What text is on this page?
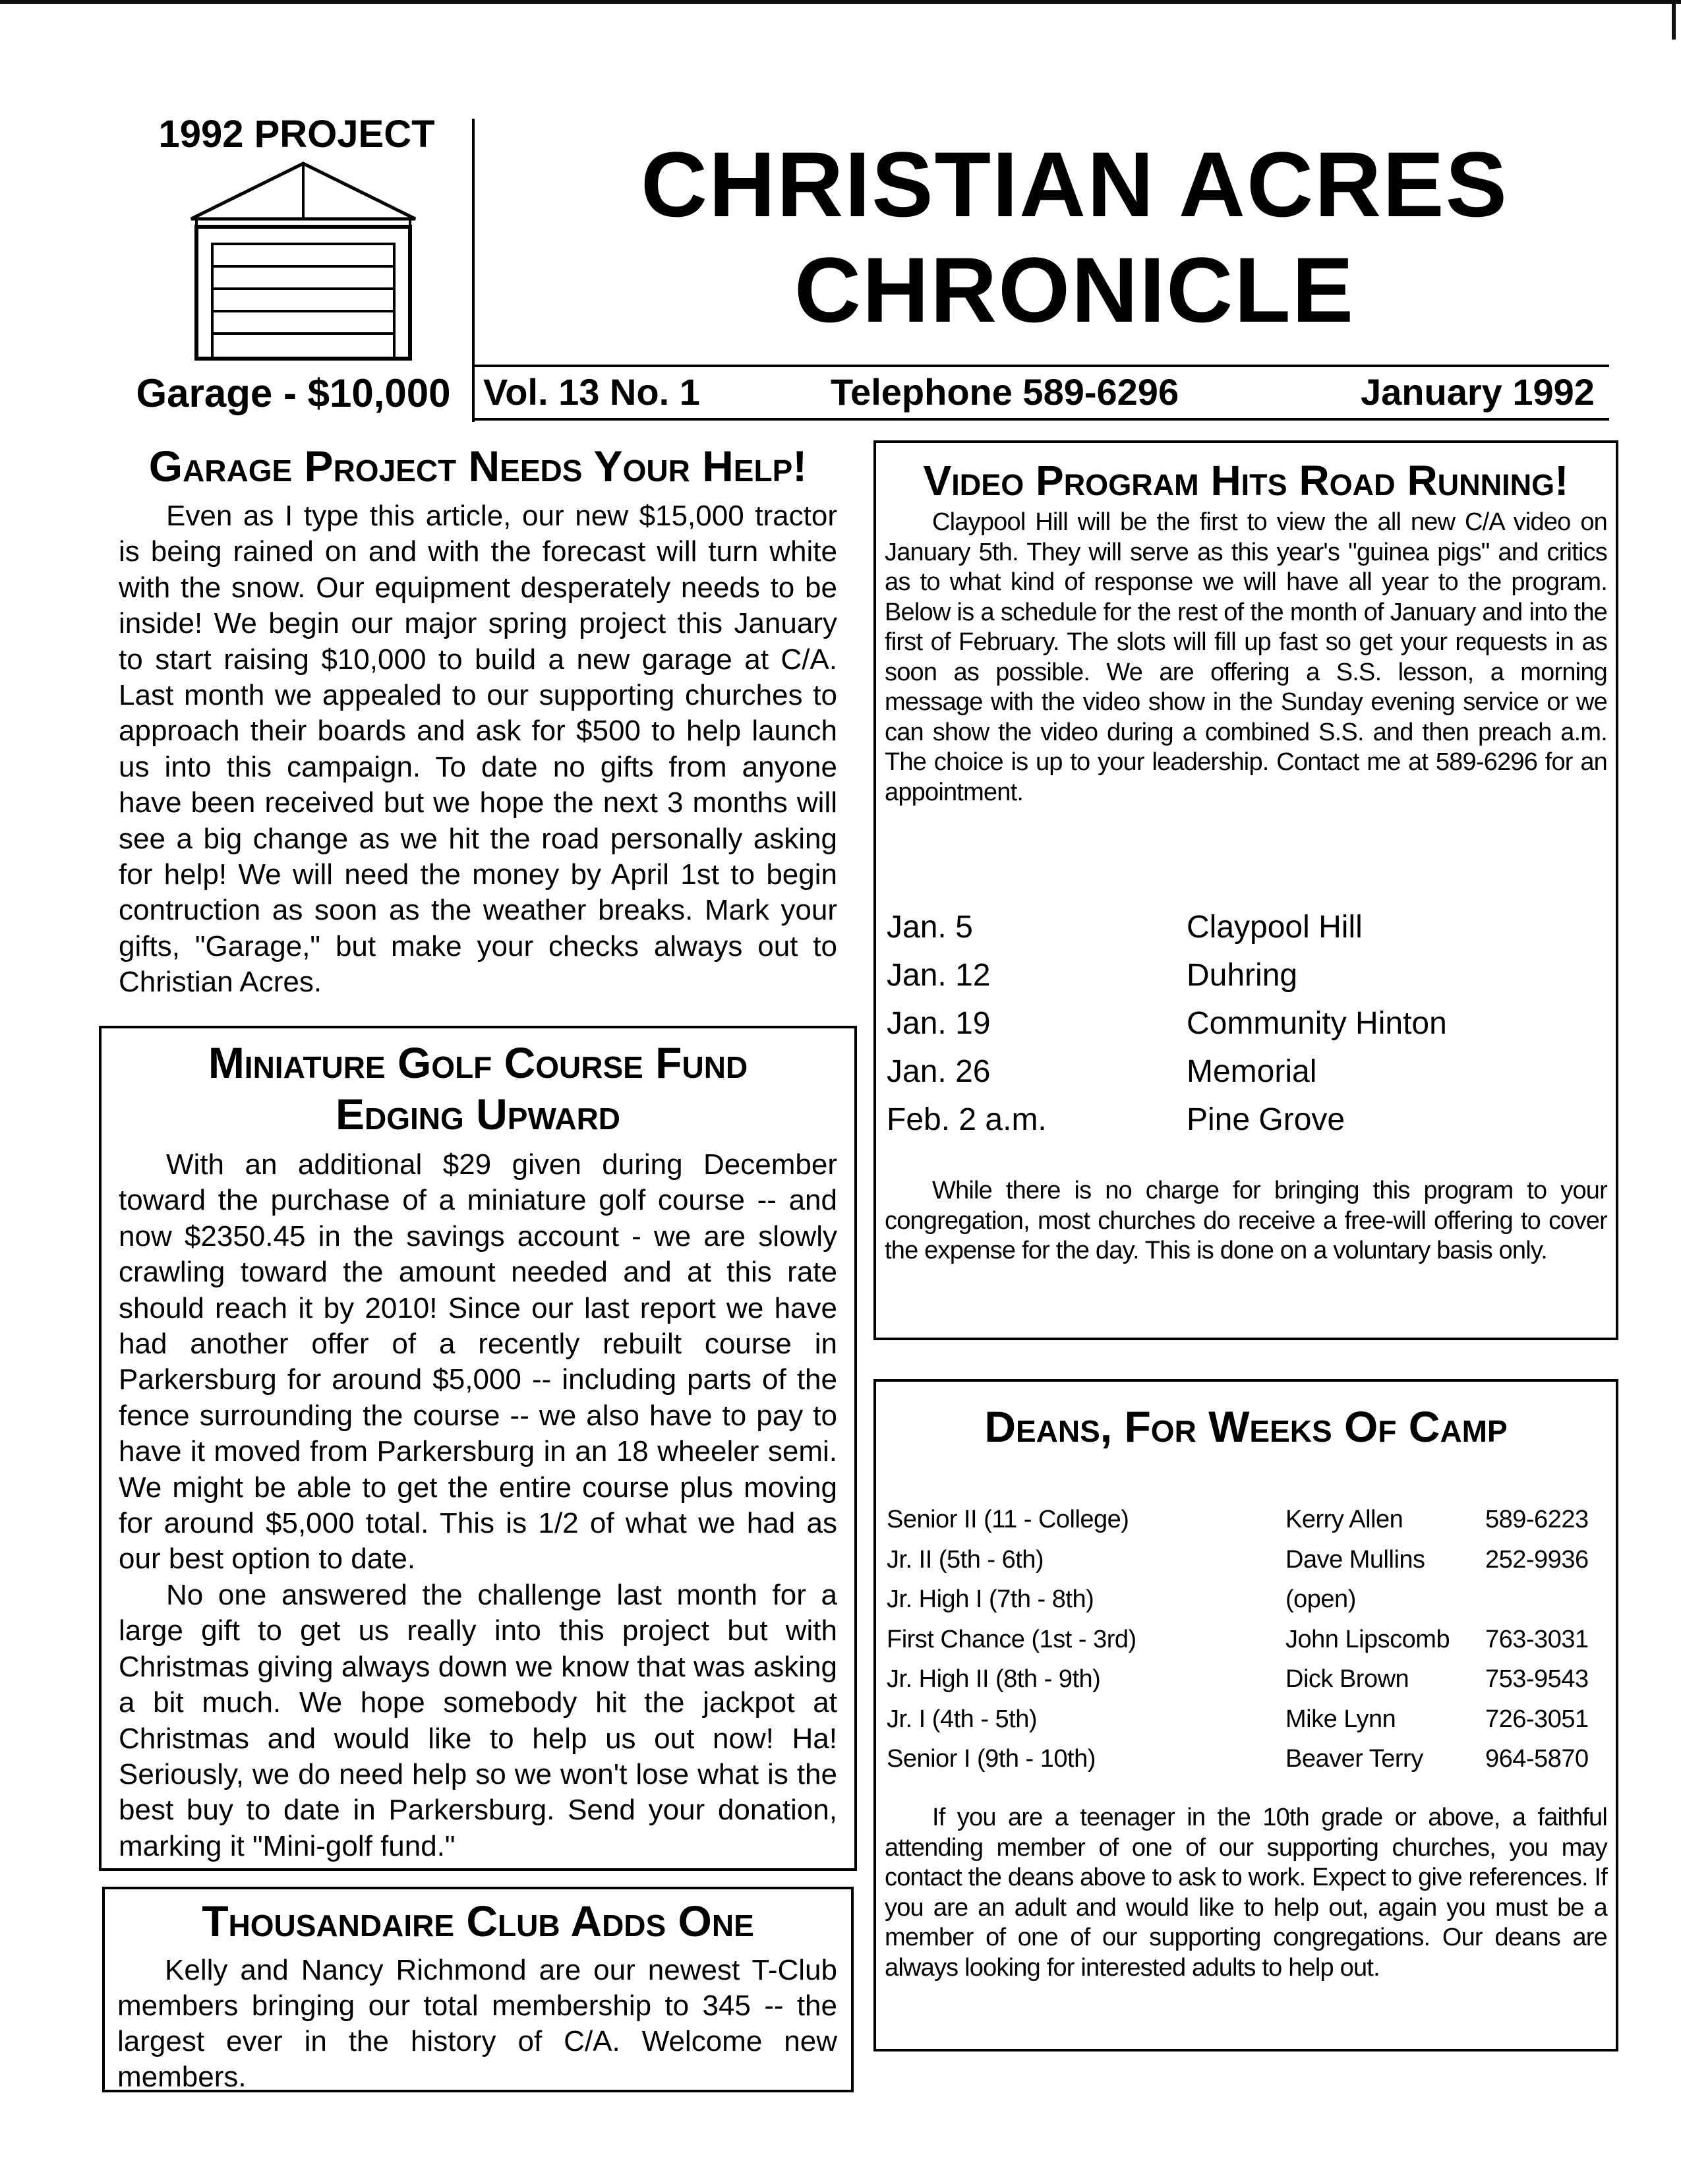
1992 PROJECT
Garage - $10,000
CHRISTIAN ACRES
CHRONICLE
Vol. 13 No. 1	Telephone 589-6296	January 1992
Garage Project Needs Your Help!

Even as I type this article, our new $15,000 tractor is being rained on and with the forecast will turn white with the snow. Our equipment desperately needs to be inside! We begin our major spring project this January to start raising $10,000 to build a new garage at C/A. Last month we appealed to our supporting churches to approach their boards and ask for $500 to help launch us into this campaign. To date no gifts from anyone have been received but we hope the next 3 months will see a big change as we hit the road personally asking for help! We will need the money by April 1st to begin contruction as soon as the weather breaks. Mark your gifts, "Garage," but make your checks always out to Christian Acres.

Miniature Golf Course Fund
Edging Upward

With an additional $29 given during December toward the purchase of a miniature golf course -- and now $2350.45 in the savings account - we are slowly crawling toward the amount needed and at this rate should reach it by 2010! Since our last report we have had another offer of a recently rebuilt course in Parkersburg for around $5,000 -- including parts of the fence surrounding the course -- we also have to pay to have it moved from Parkersburg in an 18 wheeler semi. We might be able to get the entire course plus moving for around $5,000 total. This is 1/2 of what we had as our best option to date.

No one answered the challenge last month for a large gift to get us really into this project but with Christmas giving always down we know that was asking a bit much. We hope somebody hit the jackpot at Christmas and would like to help us out now! Ha! Seriously, we do need help so we won't lose what is the best buy to date in Parkersburg. Send your donation, marking it "Mini-golf fund."

Thousandaire Club Adds One

Kelly and Nancy Richmond are our newest T-Club members bringing our total membership to 345 -- the largest ever in the history of C/A. Welcome new members.

Video Program Hits Road Running!

Claypool Hill will be the first to view the all new C/A video on January 5th. They will serve as this year's "guinea pigs" and critics as to what kind of response we will have all year to the program. Below is a schedule for the rest of the month of January and into the first of February. The slots will fill up fast so get your requests in as soon as possible. We are offering a S.S. lesson, a morning message with the video show in the Sunday evening service or we can show the video during a combined S.S. and then preach a.m. The choice is up to your leadership. Contact me at 589-6296 for an appointment.

Jan. 5	Claypool Hill
Jan. 12	Duhring
Jan. 19	Community Hinton
Jan. 26	Memorial
Feb. 2 a.m.	Pine Grove

While there is no charge for bringing this program to your congregation, most churches do receive a free-will offering to cover the expense for the day. This is done on a voluntary basis only.

Deans, For Weeks Of Camp
Senior II (11 - College)	Kerry Allen	589-6223
Jr. II (5th - 6th)	Dave Mullins 252-9936
Jr. High I (7th - 8th)	(open)
First Chance (1st - 3rd)	John Lipscomb 763-3031
Jr. High II (8th - 9th)	Dick Brown	753-9543
Jr. I (4th - 5th)	Mike Lynn	726-3051
Senior I (9th - 10th)	Beaver Terry 964-5870

If you are a teenager in the 10th grade or above, a faithful attending member of one of our supporting churches, you may contact the deans above to ask to work. Expect to give references. If you are an adult and would like to help out, again you must be a member of one of our supporting congregations. Our deans are always looking for interested adults to help out.
